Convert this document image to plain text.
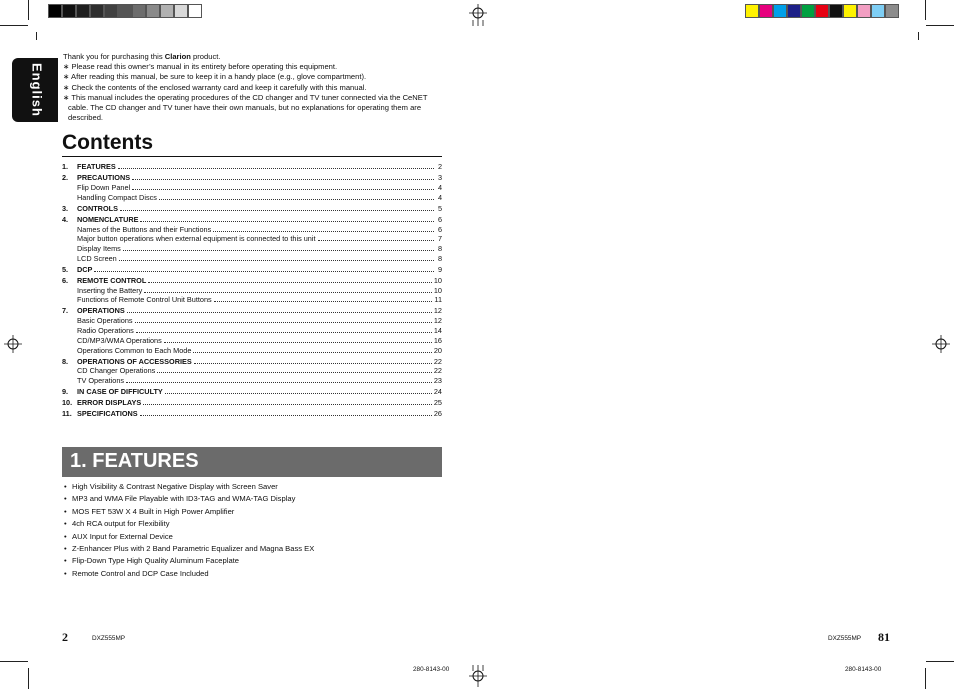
English

Thank you for purchasing this Clarion product.

∗ Please read this owner’s manual in its entirety before operating this equipment.

∗ After reading this manual, be sure to keep it in a handy place (e.g., glove compartment).

∗ Check the contents of the enclosed warranty card and keep it carefully with this manual.

∗ This manual includes the operating procedures of the CD changer and TV tuner connected via the CeNET cable. The CD changer and TV tuner have their own manuals, but no explanations for operating them are described.

Contents
1.	FEATURES	2
2.	PRECAUTIONS	3
Flip Down Panel	4
Handling Compact Discs	4
3.	CONTROLS	5
4.	NOMENCLATURE	6
Names of the Buttons and their Functions	6
Major button operations when external equipment is connected to this unit	7
Display Items	8
LCD Screen	8
5.	DCP	9
6.	REMOTE CONTROL	10
Inserting the Battery	10
Functions of Remote Control Unit Buttons	11
7.	OPERATIONS	12
Basic Operations	12
Radio Operations	14
CD/MP3/WMA Operations	16
Operations Common to Each Mode	20
8.	OPERATIONS OF ACCESSORIES	22
CD Changer Operations	22
TV Operations	23
9.	IN CASE OF DIFFICULTY	24
10. ERROR DISPLAYS	25
11. SPECIFICATIONS	26
1. FEATURES
• High Visibility & Contrast Negative Display with Screen Saver
• MP3 and WMA File Playable with ID3-TAG and WMA-TAG Display
• MOS FET 53W X 4 Built in High Power Amplifier
• 4ch RCA output for Flexibility
• AUX Input for External Device
• Z-Enhancer Plus with 2 Band Parametric Equalizer and Magna Bass EX
• Flip-Down Type High Quality Aluminum Faceplate
• Remote Control and DCP Case Included
2	DXZ555MP	DXZ555MP 81
280-8143-00	280-8143-00
